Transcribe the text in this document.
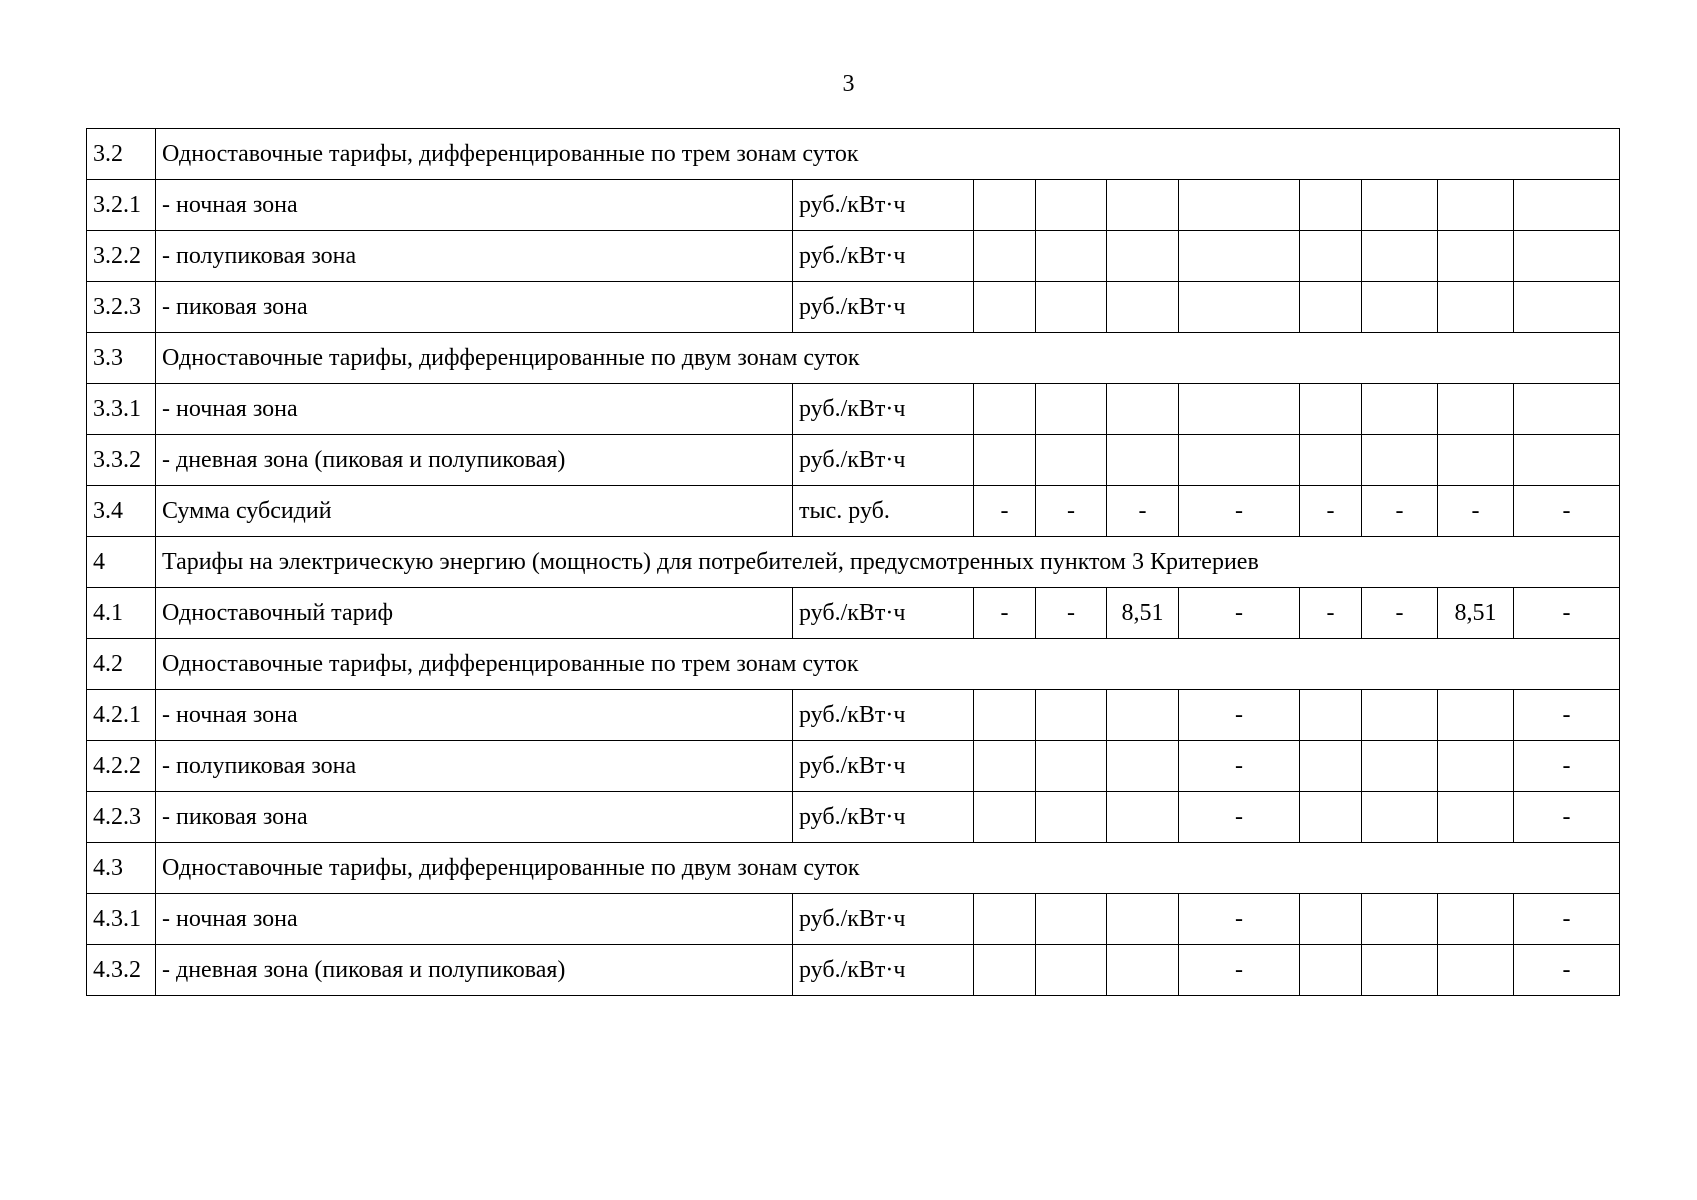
3
3.2	Одноставочные тарифы, дифференцированные по трем зонам суток									
3.2.1	- ночная зона	руб./кВт·ч								
3.2.2	- полупиковая зона	руб./кВт·ч								
3.2.3	- пиковая зона	руб./кВт·ч								
3.3	Одноставочные тарифы, дифференцированные по двум зонам суток									
3.3.1	- ночная зона	руб./кВт·ч								
3.3.2	- дневная зона (пиковая и полупиковая)	руб./кВт·ч								
3.4	Сумма субсидий	тыс. руб.	-	-	-	-	-	-	-	-
4	Тарифы на электрическую энергию (мощность) для потребителей, предусмотренных пунктом 3 Критериев									
4.1	Одноставочный тариф	руб./кВт·ч	-	-	8,51	-	-	-	8,51	-
4.2	Одноставочные тарифы, дифференцированные по трем зонам суток									
4.2.1	- ночная зона	руб./кВт·ч				-				-
4.2.2	- полупиковая зона	руб./кВт·ч				-				-
4.2.3	- пиковая зона	руб./кВт·ч				-				-
4.3	Одноставочные тарифы, дифференцированные по двум зонам суток									
4.3.1	- ночная зона	руб./кВт·ч				-				-
4.3.2	- дневная зона (пиковая и полупиковая)	руб./кВт·ч				-				-
